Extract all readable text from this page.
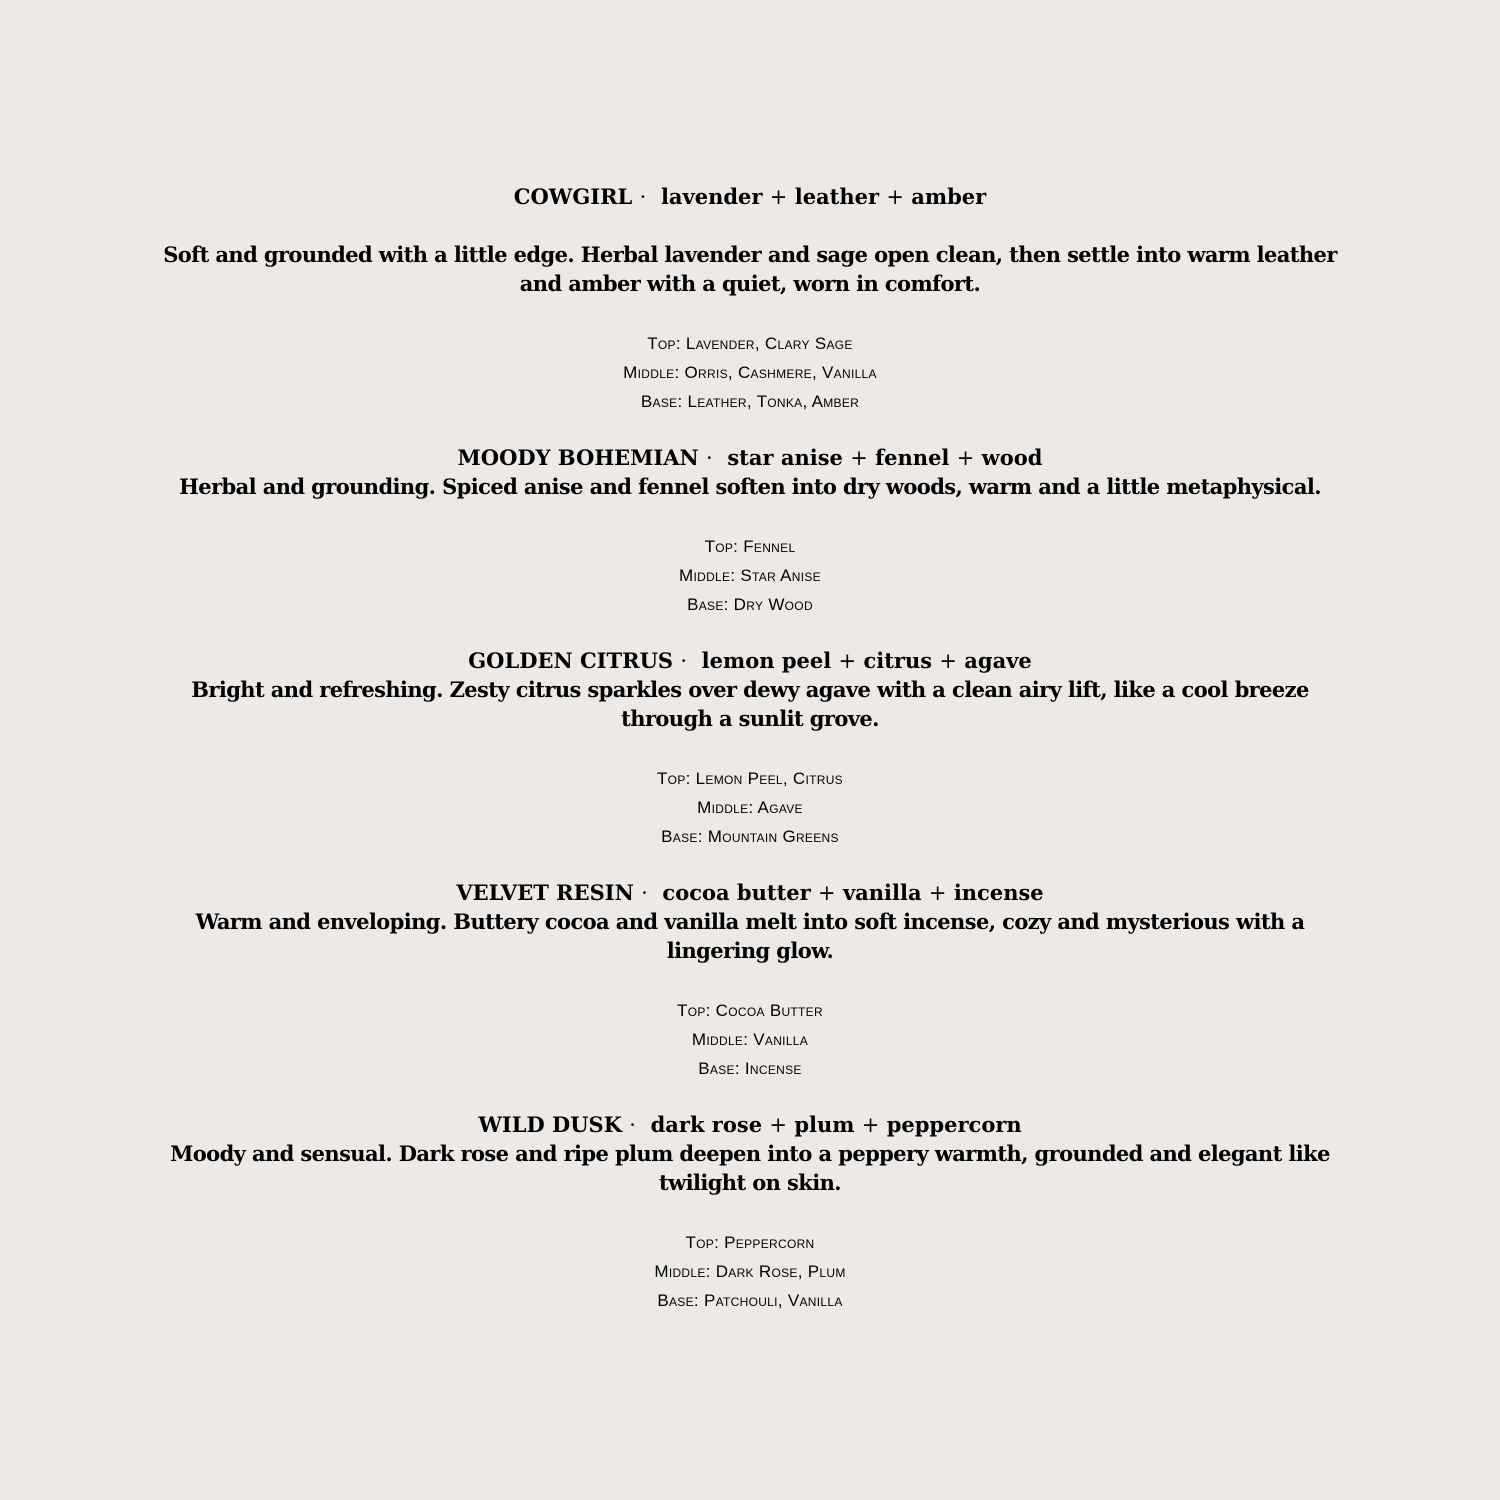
COWGIRL · lavender + leather + amber
Soft and grounded with a little edge. Herbal lavender and sage open clean, then settle into warm leather and amber with a quiet, worn in comfort.
Top: Lavender, Clary Sage
Middle: Orris, Cashmere, Vanilla
Base: Leather, Tonka, Amber
MOODY BOHEMIAN · star anise + fennel + wood
Herbal and grounding. Spiced anise and fennel soften into dry woods, warm and a little metaphysical.
Top: Fennel
Middle: Star Anise
Base: Dry Wood
GOLDEN CITRUS · lemon peel + citrus + agave
Bright and refreshing. Zesty citrus sparkles over dewy agave with a clean airy lift, like a cool breeze through a sunlit grove.
Top: Lemon Peel, Citrus
Middle: Agave
Base: Mountain Greens
VELVET RESIN · cocoa butter + vanilla + incense
Warm and enveloping. Buttery cocoa and vanilla melt into soft incense, cozy and mysterious with a lingering glow.
Top: Cocoa Butter
Middle: Vanilla
Base: Incense
WILD DUSK · dark rose + plum + peppercorn
Moody and sensual. Dark rose and ripe plum deepen into a peppery warmth, grounded and elegant like twilight on skin.
Top: Peppercorn
Middle: Dark Rose, Plum
Base: Patchouli, Vanilla
